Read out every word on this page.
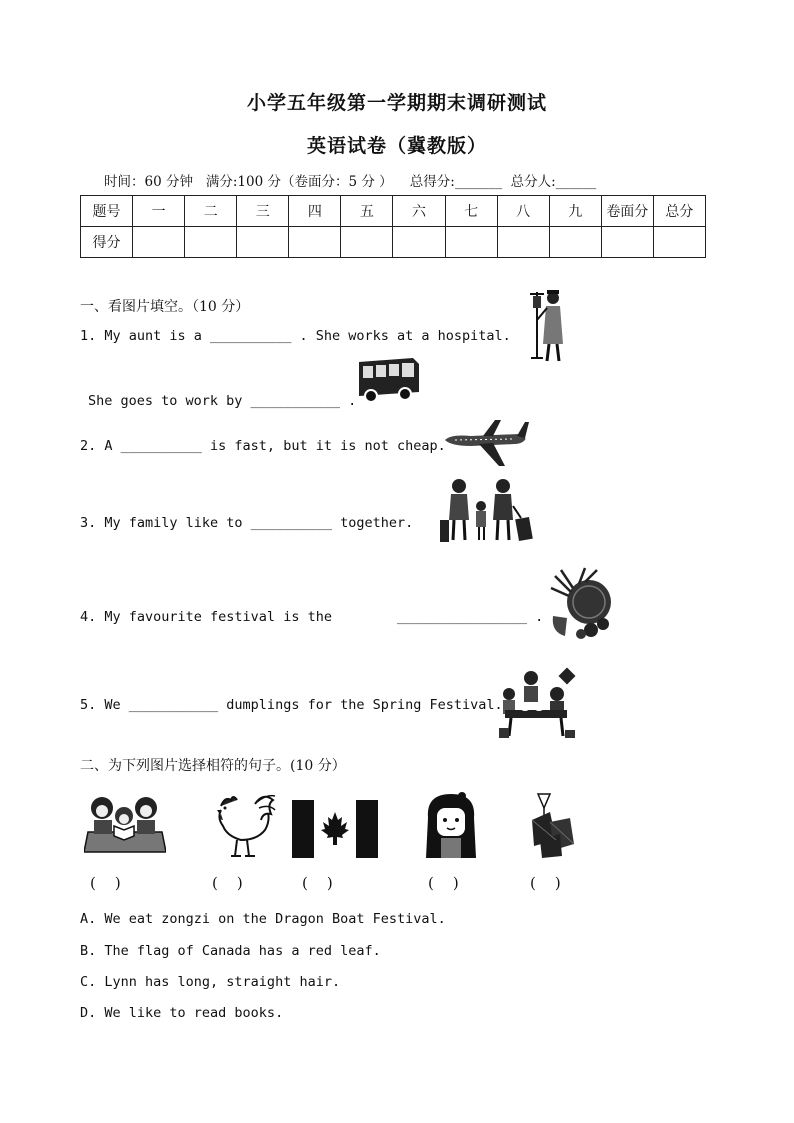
小学五年级第一学期期末调研测试
英语试卷（冀教版）
时间：60 分钟   满分:100 分（卷面分：5 分 ）    总得分:_______  总分人:______
题号	一	二	三	四	五	六	七	八	九	卷面分	总分
得分											
一、看图片填空。（10 分）
1. My aunt is a __________ . She works at a hospital.
She goes to work by ___________ .
2. A __________ is fast, but it is not cheap.
3. My family like to __________ together.
4. My favourite festival is the        ________________ .
5. We ___________ dumplings for the Spring Festival.
二、为下列图片选择相符的句子。(10 分）
(    )	(    )	(    )	(    )	(    )
A. We eat zongzi on the Dragon Boat Festival.
B. The flag of Canada has a red leaf.
C. Lynn has long, straight hair.
D. We like to read books.
